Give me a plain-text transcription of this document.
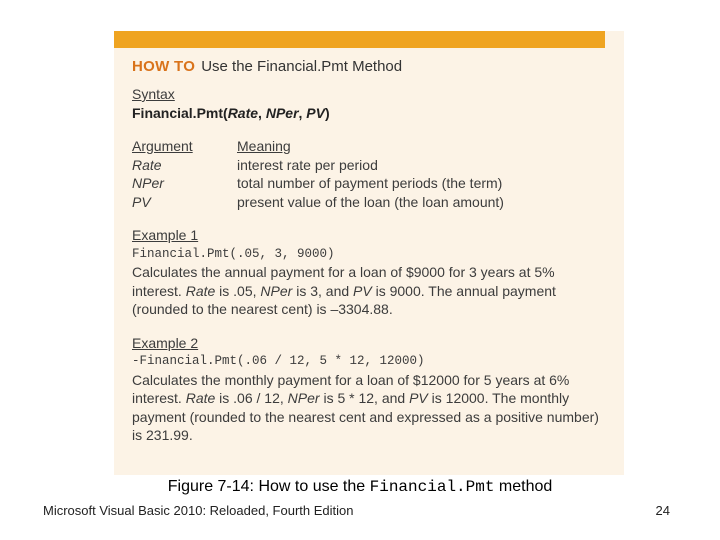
HOW TO Use the Financial.Pmt Method
Syntax
Financial.Pmt(Rate, NPer, PV)
Argument	Meaning
Rate	interest rate per period
NPer	total number of payment periods (the term)
PV	present value of the loan (the loan amount)
Example 1
Financial.Pmt(.05, 3, 9000)
Calculates the annual payment for a loan of $9000 for 3 years at 5%
interest. Rate is .05, NPer is 3, and PV is 9000. The annual payment
(rounded to the nearest cent) is –3304.88.
Example 2
-Financial.Pmt(.06 / 12, 5 * 12, 12000)
Calculates the monthly payment for a loan of $12000 for 5 years at 6%
interest. Rate is .06 / 12, NPer is 5 * 12, and PV is 12000. The monthly
payment (rounded to the nearest cent and expressed as a positive number)
is 231.99.
Figure 7-14: How to use the Financial.Pmt method
Microsoft Visual Basic 2010: Reloaded, Fourth Edition	24
